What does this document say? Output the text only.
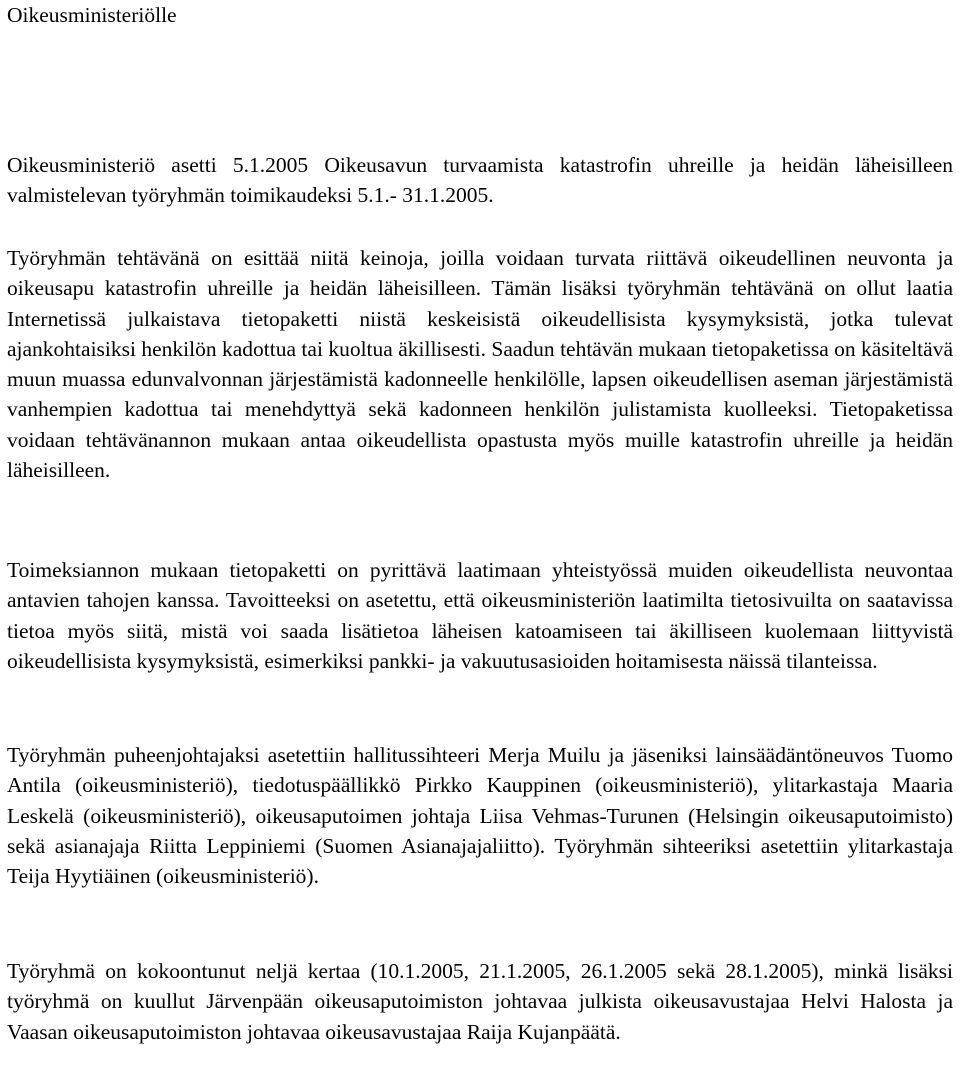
Oikeusministeriölle

Oikeusministeriö asetti 5.1.2005 Oikeusavun turvaamista katastrofin uhreille ja heidän läheisilleen valmistelevan työryhmän toimikaudeksi 5.1.- 31.1.2005.

Työryhmän tehtävänä on esittää niitä keinoja, joilla voidaan turvata riittävä oikeudellinen neuvonta ja oikeusapu katastrofin uhreille ja heidän läheisilleen. Tämän lisäksi työryhmän tehtävänä on ollut laatia Internetissä julkaistava tietopaketti niistä keskeisistä oikeudellisista kysymyksistä, jotka tulevat ajankohtaisiksi henkilön kadottua tai kuoltua äkillisesti. Saadun tehtävän mukaan tietopaketissa on käsiteltävä muun muassa edunvalvonnan järjestämistä kadonneelle henkilölle, lapsen oikeudellisen aseman järjestämistä vanhempien kadottua tai menehdyttyä sekä kadonneen henkilön julistamista kuolleeksi. Tietopaketissa voidaan tehtävänannon mukaan antaa oikeudellista opastusta myös muille katastrofin uhreille ja heidän läheisilleen.

Toimeksiannon mukaan tietopaketti on pyrittävä laatimaan yhteistyössä muiden oikeudellista neuvontaa antavien tahojen kanssa. Tavoitteeksi on asetettu, että oikeusministeriön laatimilta tietosivuilta on saatavissa tietoa myös siitä, mistä voi saada lisätietoa läheisen katoamiseen tai äkilliseen kuolemaan liittyvistä oikeudellisista kysymyksistä, esimerkiksi pankki- ja vakuutusasioiden hoitamisesta näissä tilanteissa.

Työryhmän puheenjohtajaksi asetettiin hallitussihteeri Merja Muilu ja jäseniksi lainsäädäntöneuvos Tuomo Antila (oikeusministeriö), tiedotuspäällikkö Pirkko Kauppinen (oikeusministeriö), ylitarkastaja Maaria Leskelä (oikeusministeriö), oikeusaputoimen johtaja Liisa Vehmas-Turunen (Helsingin oikeusaputoimisto) sekä asianajaja Riitta Leppiniemi (Suomen Asianajajaliitto). Työryhmän sihteeriksi asetettiin ylitarkastaja Teija Hyytiäinen (oikeusministeriö).

Työryhmä on kokoontunut neljä kertaa (10.1.2005, 21.1.2005, 26.1.2005 sekä 28.1.2005), minkä lisäksi työryhmä on kuullut Järvenpään oikeusaputoimiston johtavaa julkista oikeusavustajaa Helvi Halosta ja Vaasan oikeusaputoimiston johtavaa oikeusavustajaa Raija Kujanpäätä.
